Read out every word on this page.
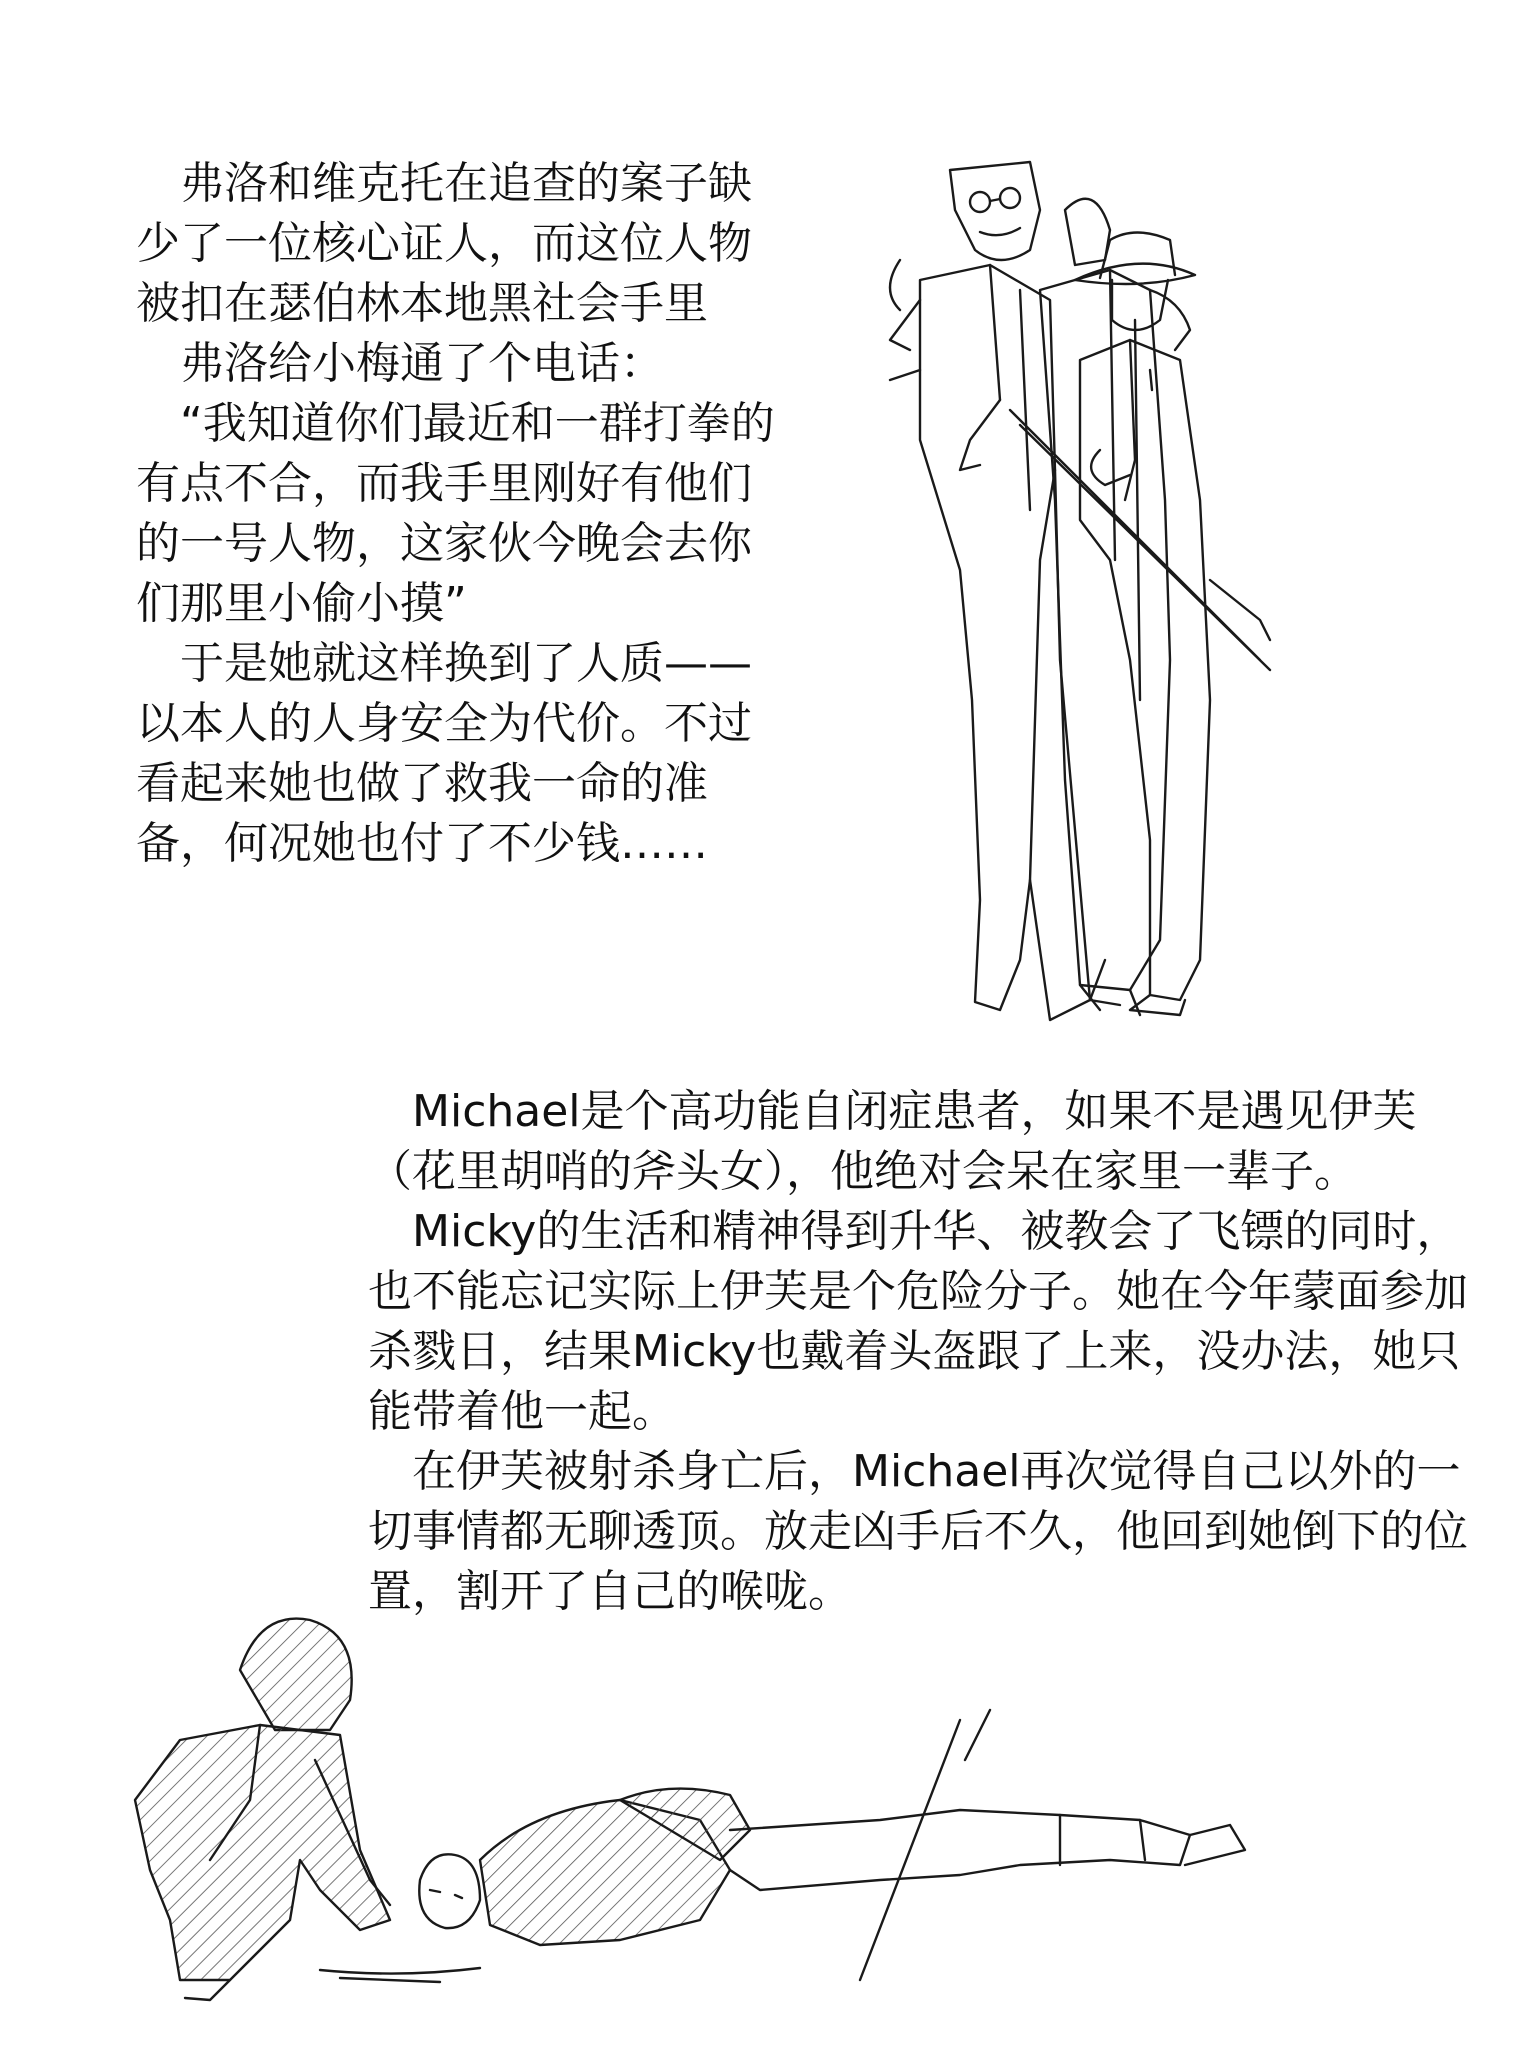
弗洛和维克托在追查的案子缺少了一位核心证人，而这位人物被扣在瑟伯林本地黑社会手里

弗洛给小梅通了个电话：

“我知道你们最近和一群打拳的有点不合，而我手里刚好有他们的一号人物，这家伙今晚会去你们那里小偷小摸”

于是她就这样换到了人质——以本人的人身安全为代价。不过看起来她也做了救我一命的准备，何况她也付了不少钱……

Michael是个高功能自闭症患者，如果不是遇见伊芙（花里胡哨的斧头女），他绝对会呆在家里一辈子。

Micky的生活和精神得到升华、被教会了飞镖的同时，也不能忘记实际上伊芙是个危险分子。她在今年蒙面参加杀戮日，结果Micky也戴着头盔跟了上来，没办法，她只能带着他一起。

在伊芙被射杀身亡后，Michael再次觉得自己以外的一切事情都无聊透顶。放走凶手后不久，他回到她倒下的位置，割开了自己的喉咙。
